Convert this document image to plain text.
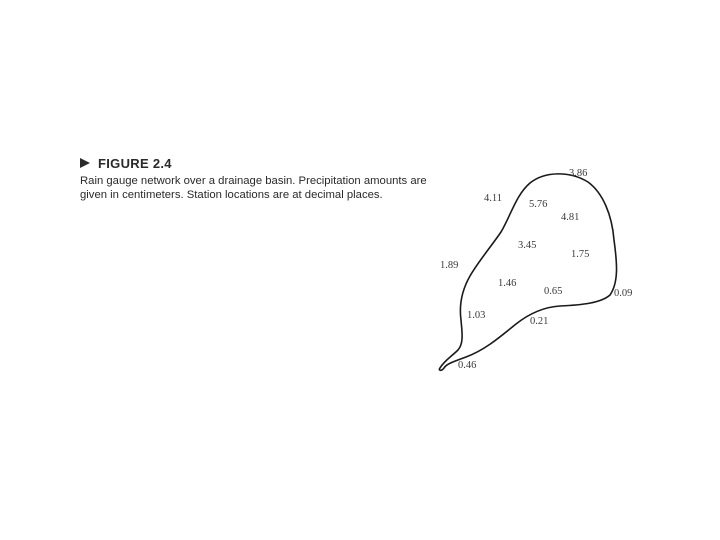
FIGURE 2.4

Rain gauge network over a drainage basin. Precipitation amounts are given in centimeters. Station locations are at decimal places.

3.86
4.11
5.76
4.81
3.45
1.75
1.89
1.46
0.65	0.09
1.03
0.21
0.46
